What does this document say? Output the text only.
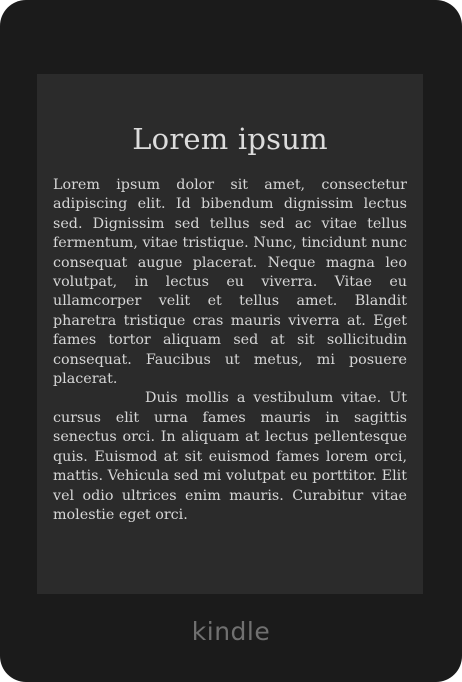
Lorem ipsum

Lorem ipsum dolor sit amet, consectetur adipiscing elit. Id bibendum dignissim lectus sed. Dignissim sed tellus sed ac vitae tellus fermentum, vitae tristique. Nunc, tincidunt nunc consequat augue placerat. Neque magna leo volutpat, in lectus eu viverra. Vitae eu ullamcorper velit et tellus amet. Blandit pharetra tristique cras mauris viverra at. Eget fames tortor aliquam sed at sit sollicitudin consequat. Faucibus ut metus, mi posuere placerat.

Duis mollis a vestibulum vitae. Ut cursus elit urna fames mauris in sagittis senectus orci. In aliquam at lectus pellentesque quis. Euismod at sit euismod fames lorem orci, mattis. Vehicula sed mi volutpat eu porttitor. Elit vel odio ultrices enim mauris. Curabitur vitae molestie eget orci.

kindle
